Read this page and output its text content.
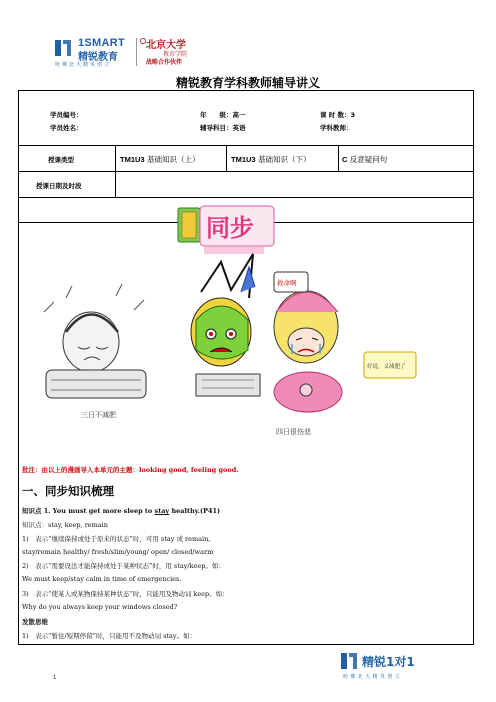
1SMART
精锐教育
哈佛北大精英创立
北京大学
教育学院
战略合作伙伴
精锐教育学科教师辅导讲义
学员编号：
学员姓名：
年　　级：高一
辅导科目：英语
课 时 数：3
学科教师：
授课类型	TM1U3 基础知识（上）	TM1U3 基础知识（下）	C 反意疑问句
授课日期及时段
同步
三日不减肥
救命啊
好说，又减肥了
四日很伤悲
批注：由以上的漫画导入本单元的主题：looking good, feeling good.
一、同步知识梳理
知识点 1. You must get more sleep to stay healthy.(P41)
知识点：stay, keep, remain
1)　表示“继续保持或处于原来的状态”时，可用 stay 或 remain。
stay/remain healthy/ fresh/slim/young/ open/ closed/warm
2)　表示“需要设法才能保持或处于某种状态”时，用 stay/keep。如：
We must keep/stay calm in time of emergencies.
3)　表示“使某人或某物保持某种状态”时，只能用及物动词 keep。如：
Why do you always keep your windows closed?
发散思维
1)　表示“暂住/短期停留”时，只能用不及物动词 stay。如：
1
精锐1对1
哈佛北大精英创立
